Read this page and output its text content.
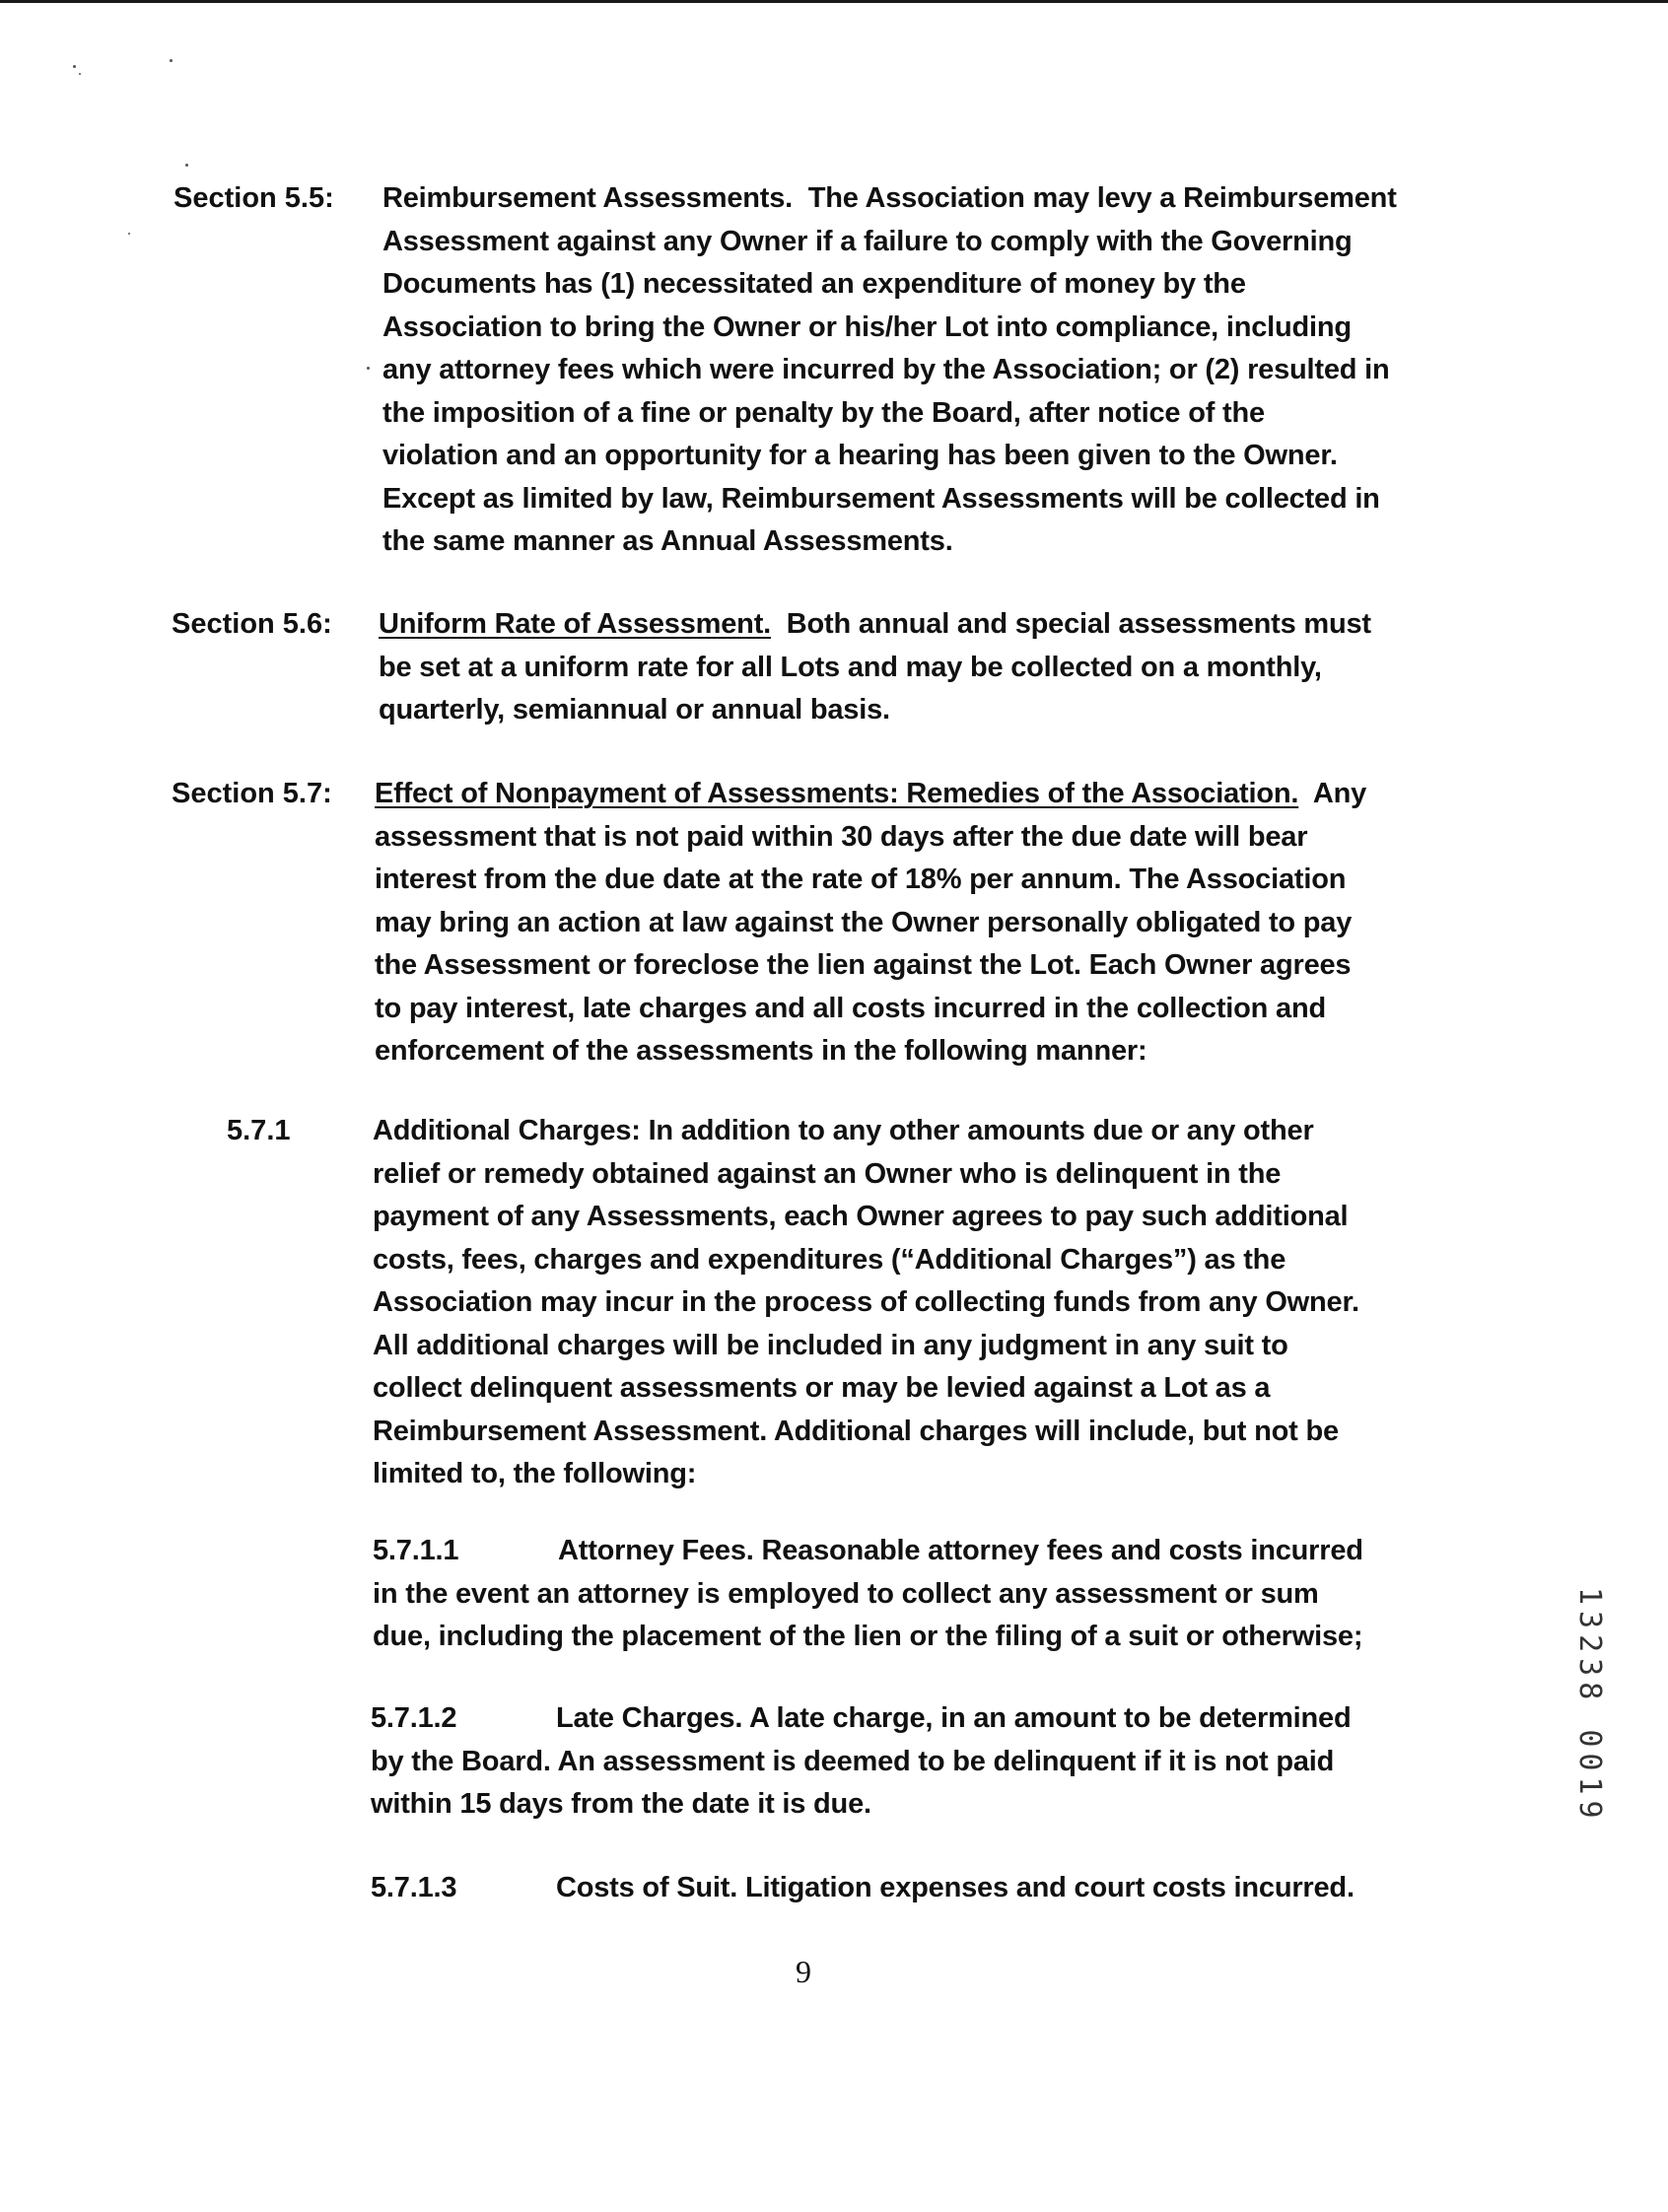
Section 5.5: Reimbursement Assessments.  The Association may levy a Reimbursement
Assessment against any Owner if a failure to comply with the Governing
Documents has (1) necessitated an expenditure of money by the
Association to bring the Owner or his/her Lot into compliance, including
any attorney fees which were incurred by the Association; or (2) resulted in
the imposition of a fine or penalty by the Board, after notice of the
violation and an opportunity for a hearing has been given to the Owner.
Except as limited by law, Reimbursement Assessments will be collected in
the same manner as Annual Assessments.
Section 5.6: Uniform Rate of Assessment.  Both annual and special assessments must
be set at a uniform rate for all Lots and may be collected on a monthly,
quarterly, semiannual or annual basis.
Section 5.7: Effect of Nonpayment of Assessments: Remedies of the Association.  Any
assessment that is not paid within 30 days after the due date will bear
interest from the due date at the rate of 18% per annum. The Association
may bring an action at law against the Owner personally obligated to pay
the Assessment or foreclose the lien against the Lot. Each Owner agrees
to pay interest, late charges and all costs incurred in the collection and
enforcement of the assessments in the following manner:
5.7.1	Additional Charges: In addition to any other amounts due or any other
relief or remedy obtained against an Owner who is delinquent in the
payment of any Assessments, each Owner agrees to pay such additional
costs, fees, charges and expenditures (“Additional Charges”) as the
Association may incur in the process of collecting funds from any Owner.
All additional charges will be included in any judgment in any suit to
collect delinquent assessments or may be levied against a Lot as a
Reimbursement Assessment. Additional charges will include, but not be
limited to, the following:
5.7.1.1	Attorney Fees. Reasonable attorney fees and costs incurred
in the event an attorney is employed to collect any assessment or sum
due, including the placement of the lien or the filing of a suit or otherwise;
5.7.1.2	Late Charges. A late charge, in an amount to be determined
by the Board. An assessment is deemed to be delinquent if it is not paid
within 15 days from the date it is due.
5.7.1.3	Costs of Suit. Litigation expenses and court costs incurred.
9
13238 0019
